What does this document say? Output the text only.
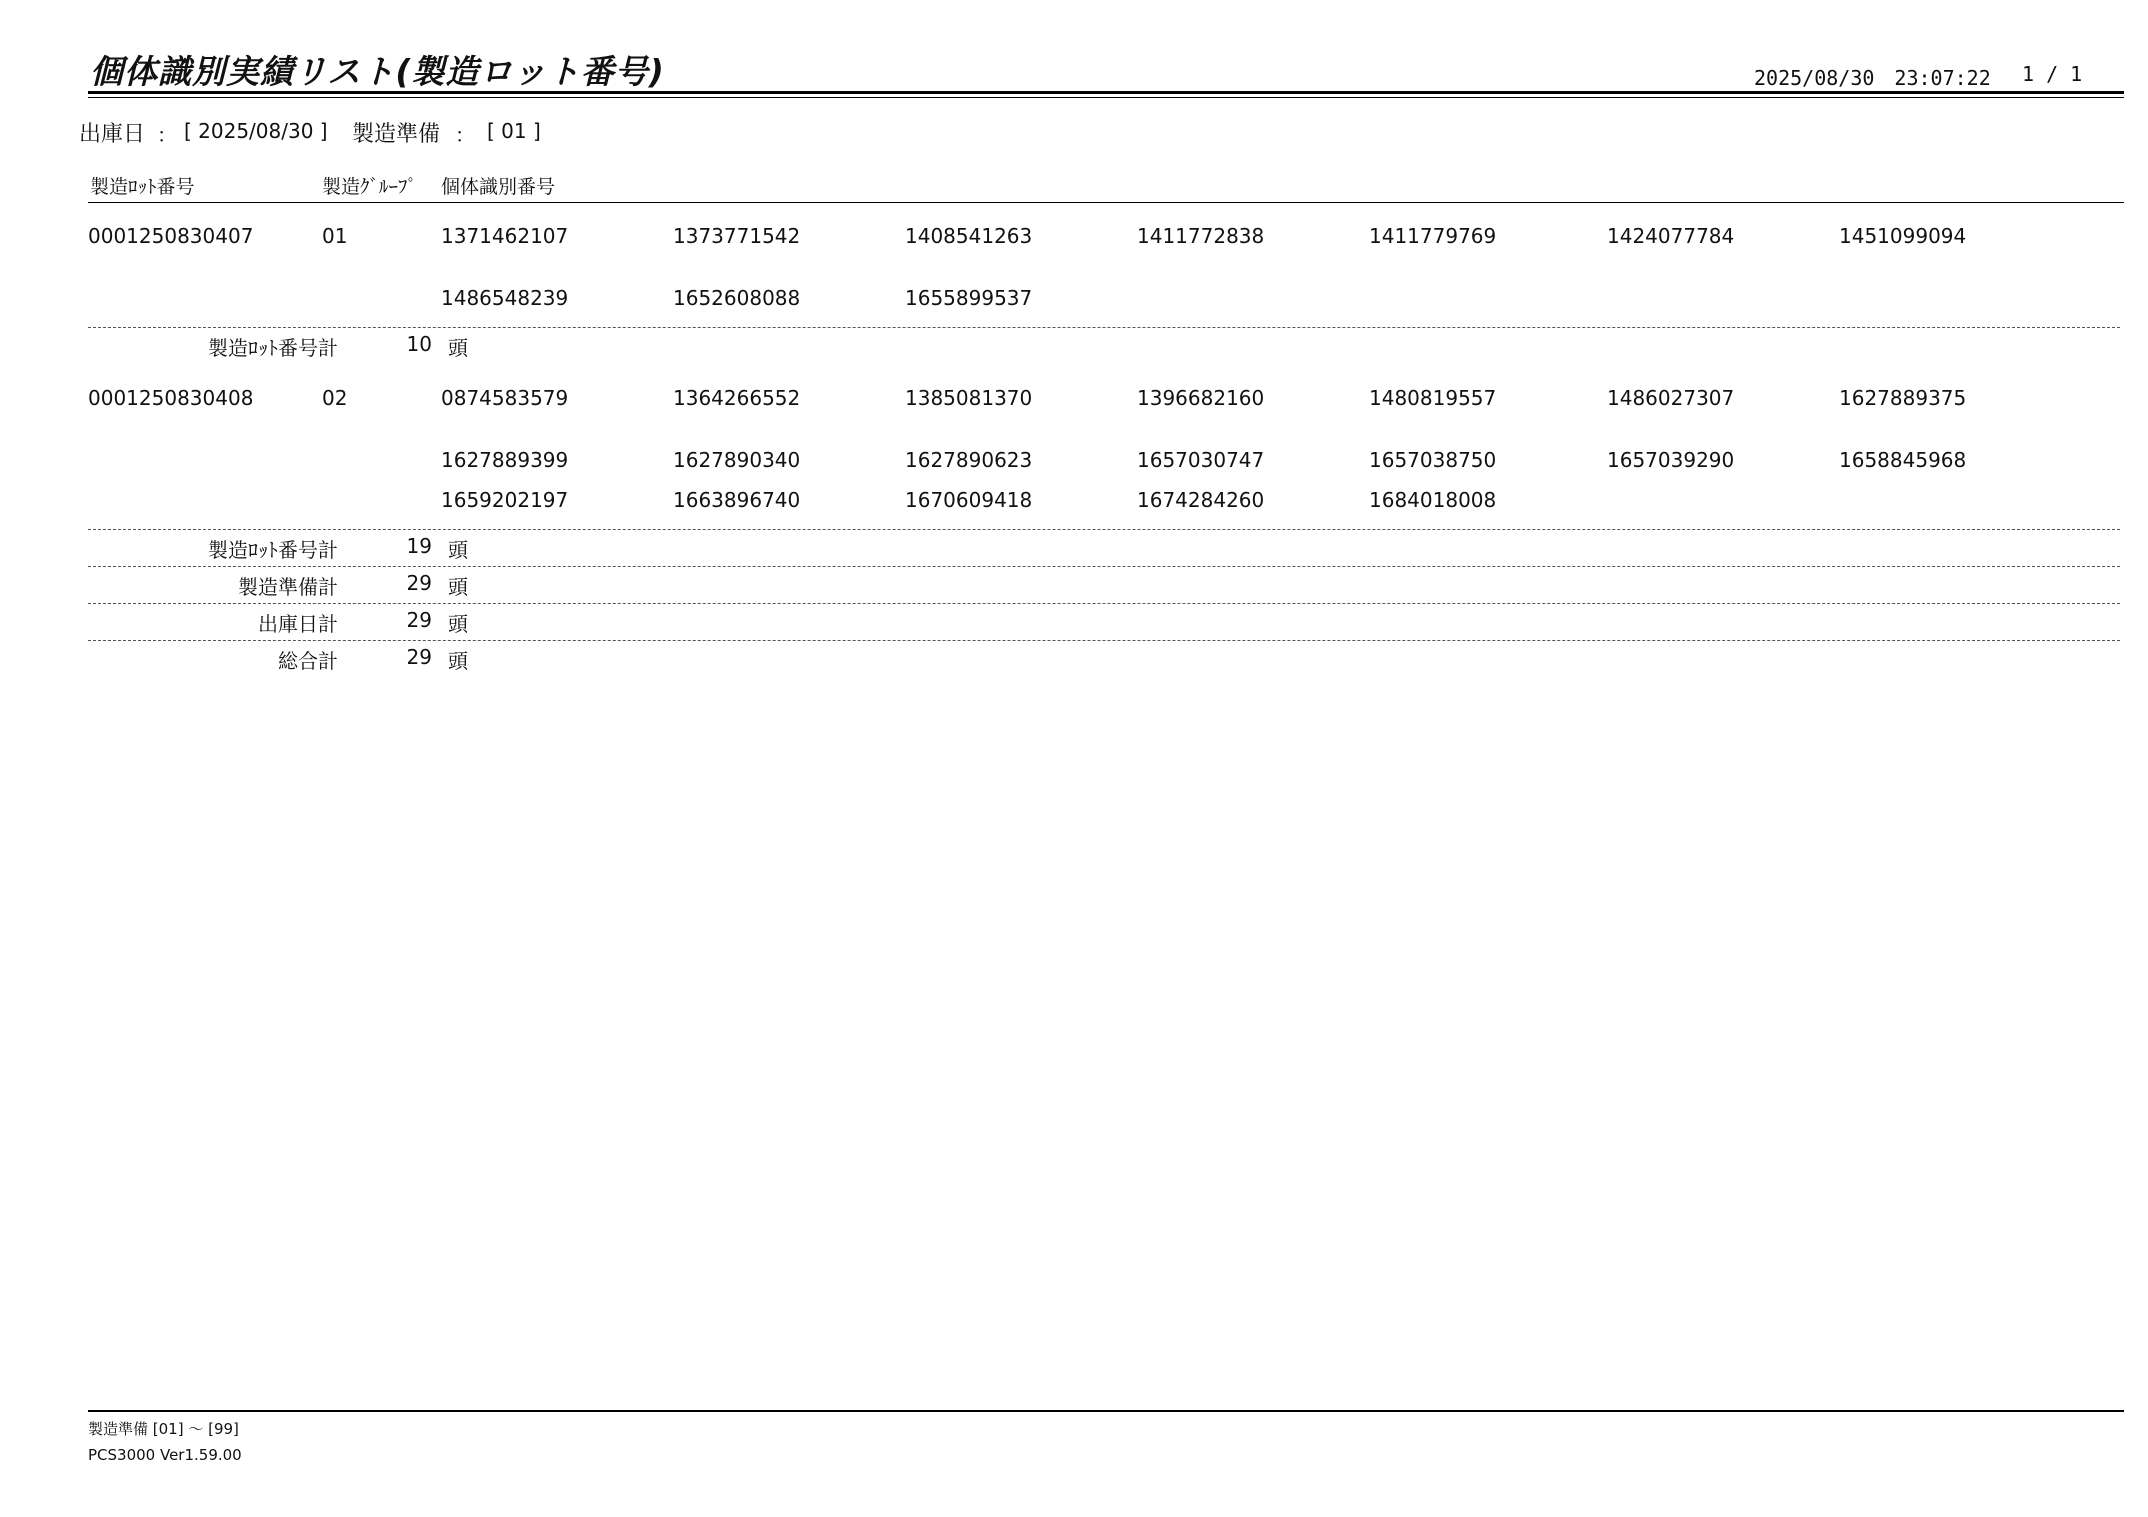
個体識別実績リスト(製造ロット番号)	2025/08/30　23:07:22 1 / 1
出庫日 ： [ 2025/08/30 ] 製造準備 ： [ 01 ]
製造ﾛｯﾄ番号	製造ｸﾞﾙｰﾌﾟ 個体識別番号
0001250830407	01	1371462107	1373771542	1408541263	1411772838	1411779769	1424077784	1451099094
1486548239	1652608088	1655899537
製造ﾛｯﾄ番号計	10 頭
0001250830408	02	0874583579	1364266552	1385081370	1396682160	1480819557	1486027307	1627889375
1627889399	1627890340	1627890623	1657030747	1657038750	1657039290	1658845968
1659202197	1663896740	1670609418	1674284260	1684018008
製造ﾛｯﾄ番号計	19 頭
製造準備計	29 頭
出庫日計	29 頭
総合計	29 頭
製造準備 [01] ～ [99]
PCS3000 Ver1.59.00
